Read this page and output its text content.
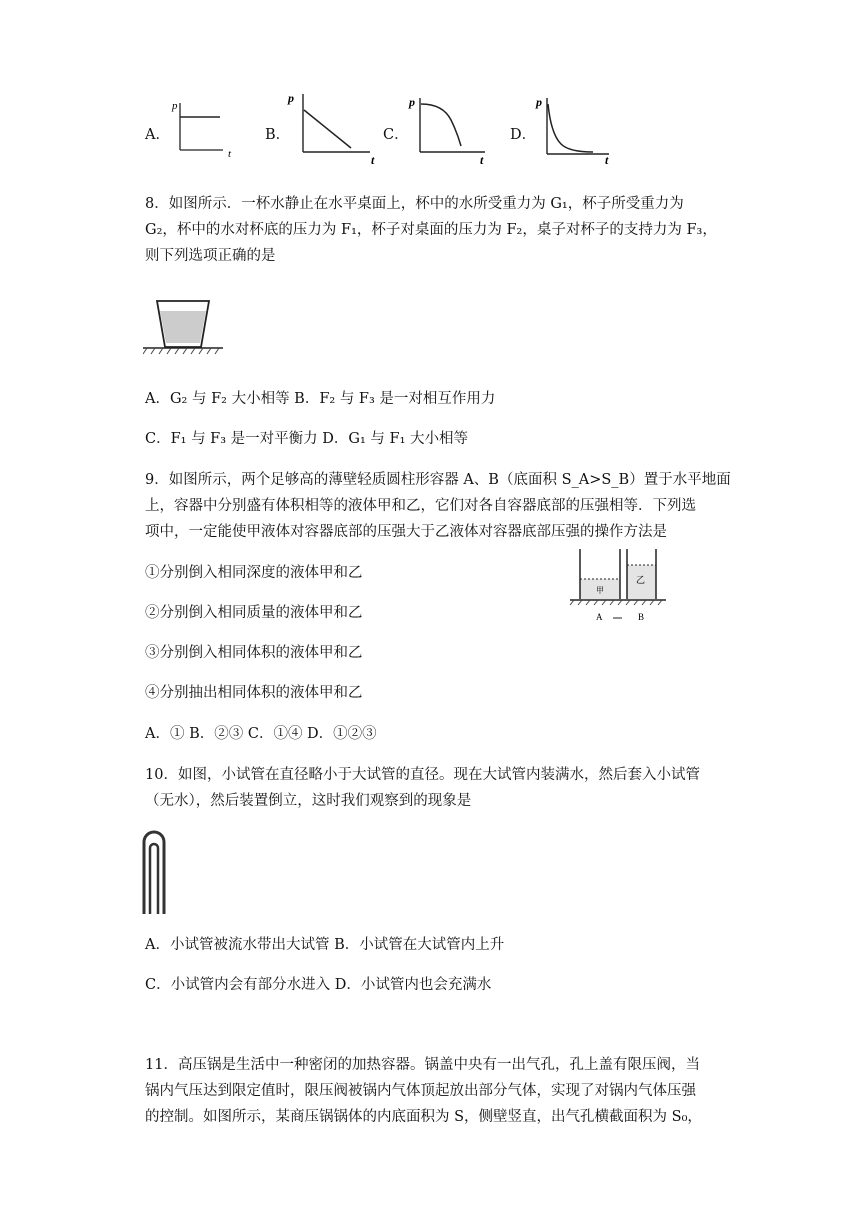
A．
p
t
B．
p
t
C．
p
t
D．
p
t
8．如图所示．一杯水静止在水平桌面上，杯中的水所受重力为 G₁，杯子所受重力为
G₂，杯中的水对杯底的压力为 F₁，杯子对桌面的压力为 F₂，桌子对杯子的支持力为 F₃，
则下列选项正确的是
A．G₂ 与 F₂ 大小相等 B．F₂ 与 F₃ 是一对相互作用力
C．F₁ 与 F₃ 是一对平衡力 D．G₁ 与 F₁ 大小相等
9．如图所示，两个足够高的薄壁轻质圆柱形容器 A、B（底面积 S_A>S_B）置于水平地面
上，容器中分别盛有体积相等的液体甲和乙，它们对各自容器底部的压强相等．下列选
项中，一定能使甲液体对容器底部的压强大于乙液体对容器底部压强的操作方法是
①分别倒入相同深度的液体甲和乙
②分别倒入相同质量的液体甲和乙
③分别倒入相同体积的液体甲和乙
④分别抽出相同体积的液体甲和乙
A．① B．②③ C．①④ D．①②③
甲
乙
A	B
10．如图，小试管在直径略小于大试管的直径。现在大试管内装满水，然后套入小试管
（无水），然后装置倒立，这时我们观察到的现象是
A．小试管被流水带出大试管 B．小试管在大试管内上升
C．小试管内会有部分水进入 D．小试管内也会充满水
11．高压锅是生活中一种密闭的加热容器。锅盖中央有一出气孔，孔上盖有限压阀，当
锅内气压达到限定值时，限压阀被锅内气体顶起放出部分气体，实现了对锅内气体压强
的控制。如图所示，某商压锅锅体的内底面积为 S，侧壁竖直，出气孔横截面积为 S₀，
